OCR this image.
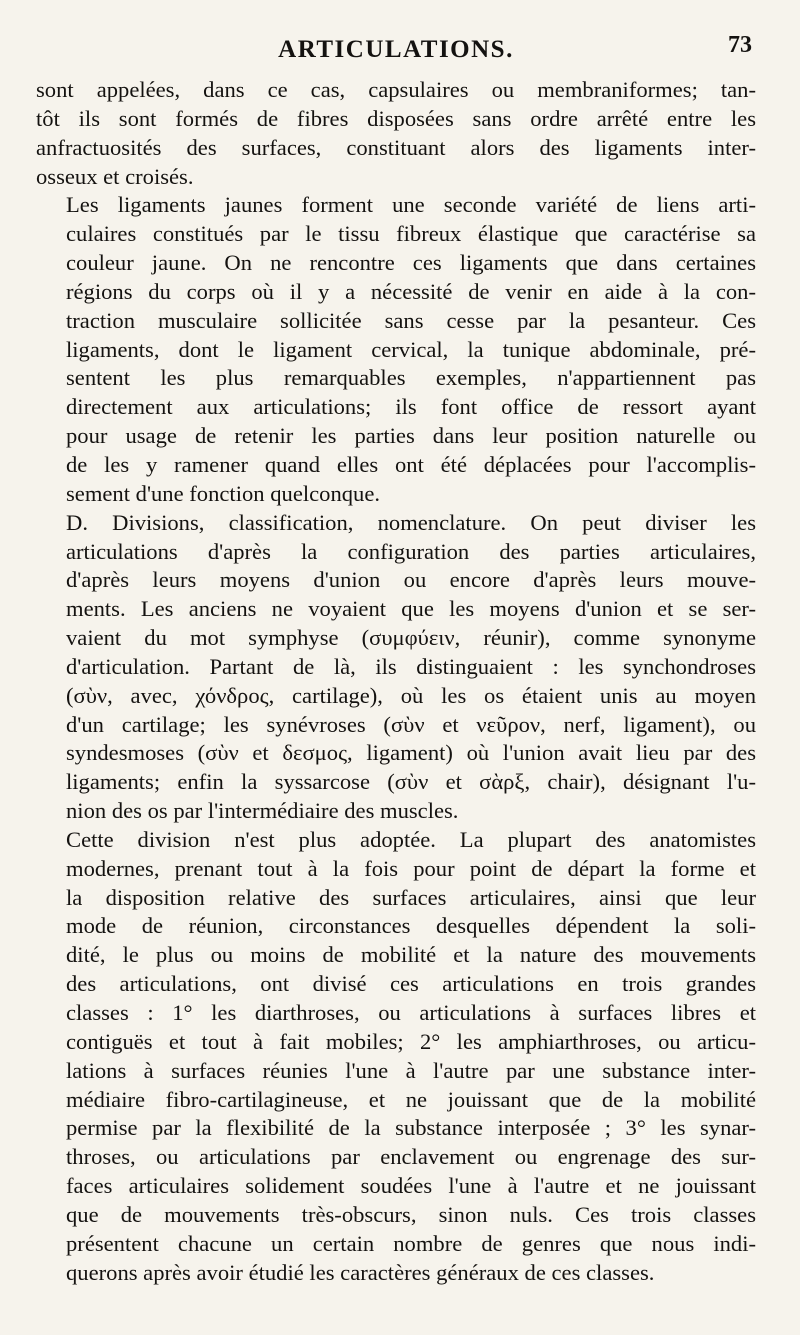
ARTICULATIONS.	73

sont appelées, dans ce cas, capsulaires ou membraniformes; tan-
tôt ils sont formés de fibres disposées sans ordre arrêté entre les
anfractuosités des surfaces, constituant alors des ligaments inter-
osseux et croisés.

Les ligaments jaunes forment une seconde variété de liens arti-
culaires constitués par le tissu fibreux élastique que caractérise sa
couleur jaune. On ne rencontre ces ligaments que dans certaines
régions du corps où il y a nécessité de venir en aide à la con-
traction musculaire sollicitée sans cesse par la pesanteur. Ces
ligaments, dont le ligament cervical, la tunique abdominale, pré-
sentent les plus remarquables exemples, n'appartiennent pas
directement aux articulations; ils font office de ressort ayant
pour usage de retenir les parties dans leur position naturelle ou
de les y ramener quand elles ont été déplacées pour l'accomplis-
sement d'une fonction quelconque.

D. Divisions, classification, nomenclature. On peut diviser les
articulations d'après la configuration des parties articulaires,
d'après leurs moyens d'union ou encore d'après leurs mouve-
ments. Les anciens ne voyaient que les moyens d'union et se ser-
vaient du mot symphyse (συμφύειν, réunir), comme synonyme
d'articulation. Partant de là, ils distinguaient : les synchondroses
(σὺν, avec, χόνδρος, cartilage), où les os étaient unis au moyen
d'un cartilage; les synévroses (σὺν et νεῦρον, nerf, ligament), ou
syndesmoses (σὺν et δεσμος, ligament) où l'union avait lieu par des
ligaments; enfin la syssarcose (σὺν et σὰρξ, chair), désignant l'u-
nion des os par l'intermédiaire des muscles.

Cette division n'est plus adoptée. La plupart des anatomistes
modernes, prenant tout à la fois pour point de départ la forme et
la disposition relative des surfaces articulaires, ainsi que leur
mode de réunion, circonstances desquelles dépendent la soli-
dité, le plus ou moins de mobilité et la nature des mouvements
des articulations, ont divisé ces articulations en trois grandes
classes : 1° les diarthroses, ou articulations à surfaces libres et
contiguës et tout à fait mobiles; 2° les amphiarthroses, ou articu-
lations à surfaces réunies l'une à l'autre par une substance inter-
médiaire fibro-cartilagineuse, et ne jouissant que de la mobilité
permise par la flexibilité de la substance interposée ; 3° les synar-
throses, ou articulations par enclavement ou engrenage des sur-
faces articulaires solidement soudées l'une à l'autre et ne jouissant
que de mouvements très-obscurs, sinon nuls. Ces trois classes
présentent chacune un certain nombre de genres que nous indi-
querons après avoir étudié les caractères généraux de ces classes.
